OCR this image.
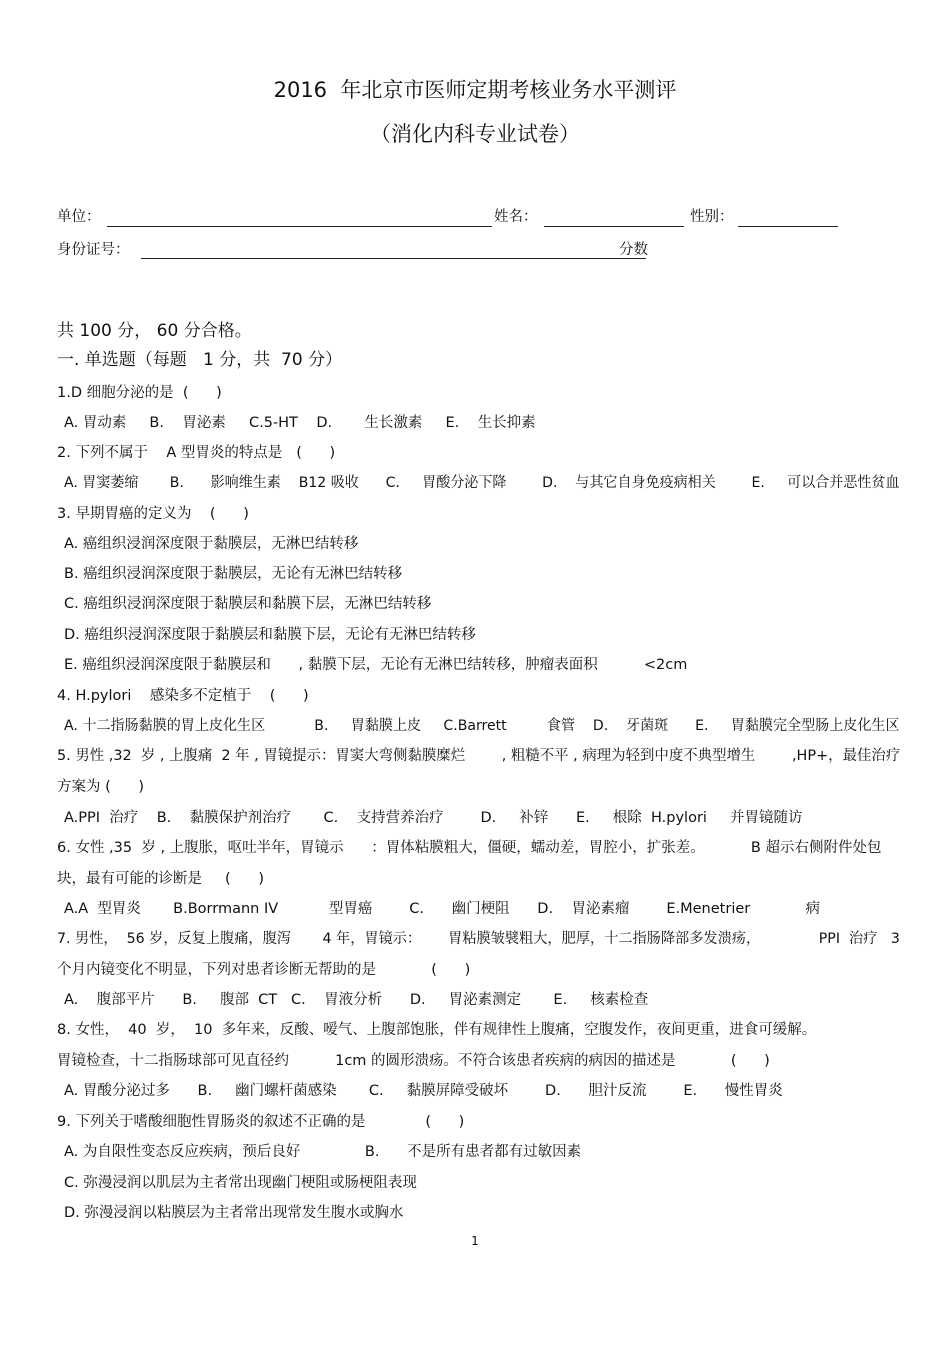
2016  年北京市医师定期考核业务水平测评
（消化内科专业试卷）
单位：	姓名：	性别：
身份证号：	分数
共 100 分， 60 分合格。
一. 单选题（每题   1 分，共  70 分）
1.D 细胞分泌的是  (      )
A. 胃动素     B.    胃泌素     C.5-HT    D.       生长激素     E.    生长抑素
2. 下列不属于    A 型胃炎的特点是   (      )
A. 胃窦萎缩       B.      影响维生素    B12 吸收      C.     胃酸分泌下降        D.    与其它自身免疫病相关        E.     可以合并恶性贫血
3. 早期胃癌的定义为    (      )
A. 癌组织浸润深度限于黏膜层，无淋巴结转移
B. 癌组织浸润深度限于黏膜层，无论有无淋巴结转移
C. 癌组织浸润深度限于黏膜层和黏膜下层，无淋巴结转移
D. 癌组织浸润深度限于黏膜层和黏膜下层，无论有无淋巴结转移
E. 癌组织浸润深度限于黏膜层和      , 黏膜下层，无论有无淋巴结转移，肿瘤表面积          <2cm
4. H.pylori    感染多不定植于    (      )
A. 十二指肠黏膜的胃上皮化生区           B.     胃黏膜上皮     C.Barrett         食管    D.    牙菌斑      E.     胃黏膜完全型肠上皮化生区
5. 男性 ,32  岁 , 上腹痛  2 年 , 胃镜提示：胃窦大弯侧黏膜糜烂        , 粗糙不平 , 病理为轻到中度不典型增生        ,HP+，最佳治疗
方案为 (      )
A.PPI  治疗    B.    黏膜保护剂治疗       C.    支持营养治疗        D.     补锌      E.     根除  H.pylori     并胃镜随访
6. 女性 ,35  岁 , 上腹胀，呕吐半年，胃镜示      ：胃体粘膜粗大，僵硬，蠕动差，胃腔小，扩张差。          B 超示右侧附件处包
块，最有可能的诊断是     (      )
A.A  型胃炎       B.Borrmann IV           型胃癌        C.      幽门梗阻      D.    胃泌素瘤        E.Menetrier            病
7. 男性，  56 岁，反复上腹痛，腹泻       4 年，胃镜示：      胃粘膜皱襞粗大，肥厚，十二指肠降部多发溃疡，             PPI  治疗   3
个月内镜变化不明显，下列对患者诊断无帮助的是            (      )
A.    腹部平片      B.     腹部  CT   C.    胃液分析      D.     胃泌素测定       E.     核素检查
8. 女性，  40  岁，  10  多年来，反酸、嗳气、上腹部饱胀，伴有规律性上腹痛，空腹发作，夜间更重，进食可缓解。
胃镜检查，十二指肠球部可见直径约          1cm 的圆形溃疡。不符合该患者疾病的病因的描述是            (      )
A. 胃酸分泌过多      B.     幽门螺杆菌感染       C.     黏膜屏障受破坏        D.      胆汁反流        E.      慢性胃炎
9. 下列关于嗜酸细胞性胃肠炎的叙述不正确的是             (      )
A. 为自限性变态反应疾病，预后良好              B.      不是所有患者都有过敏因素
C. 弥漫浸润以肌层为主者常出现幽门梗阻或肠梗阻表现
D. 弥漫浸润以粘膜层为主者常出现常发生腹水或胸水
1
